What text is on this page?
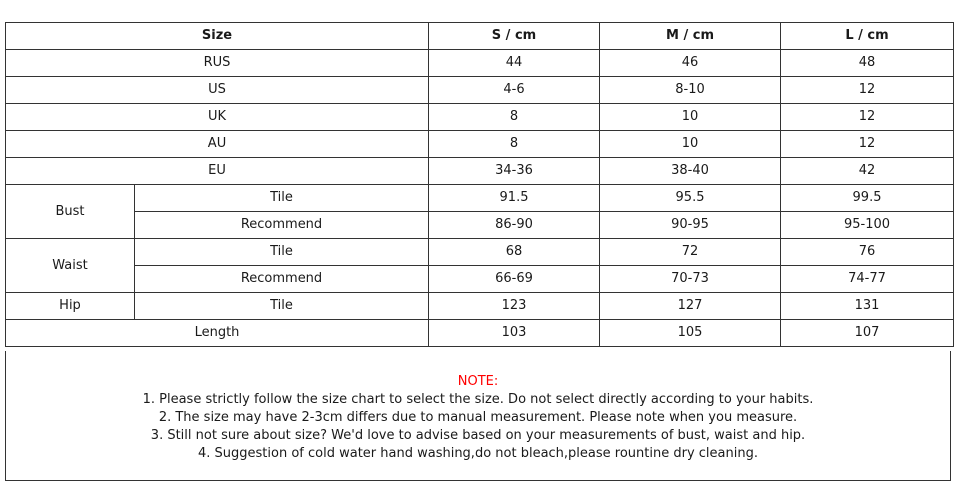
Size		S / cm	M / cm	L / cm
RUS		44	46	48
US		4-6	8-10	12
UK		8	10	12
AU		8	10	12
EU		34-36	38-40	42
Bust	Tile	91.5	95.5	99.5
	Recommend	86-90	90-95	95-100
Waist	Tile	68	72	76
	Recommend	66-69	70-73	74-77
Hip	Tile	123	127	131
Length		103	105	107
NOTE:
1. Please strictly follow the size chart to select the size. Do not select directly according to your habits.
2. The size may have 2-3cm differs due to manual measurement. Please note when you measure.
3. Still not sure about size? We'd love to advise based on your measurements of bust, waist and hip.
4. Suggestion of cold water hand washing,do not bleach,please rountine dry cleaning.
